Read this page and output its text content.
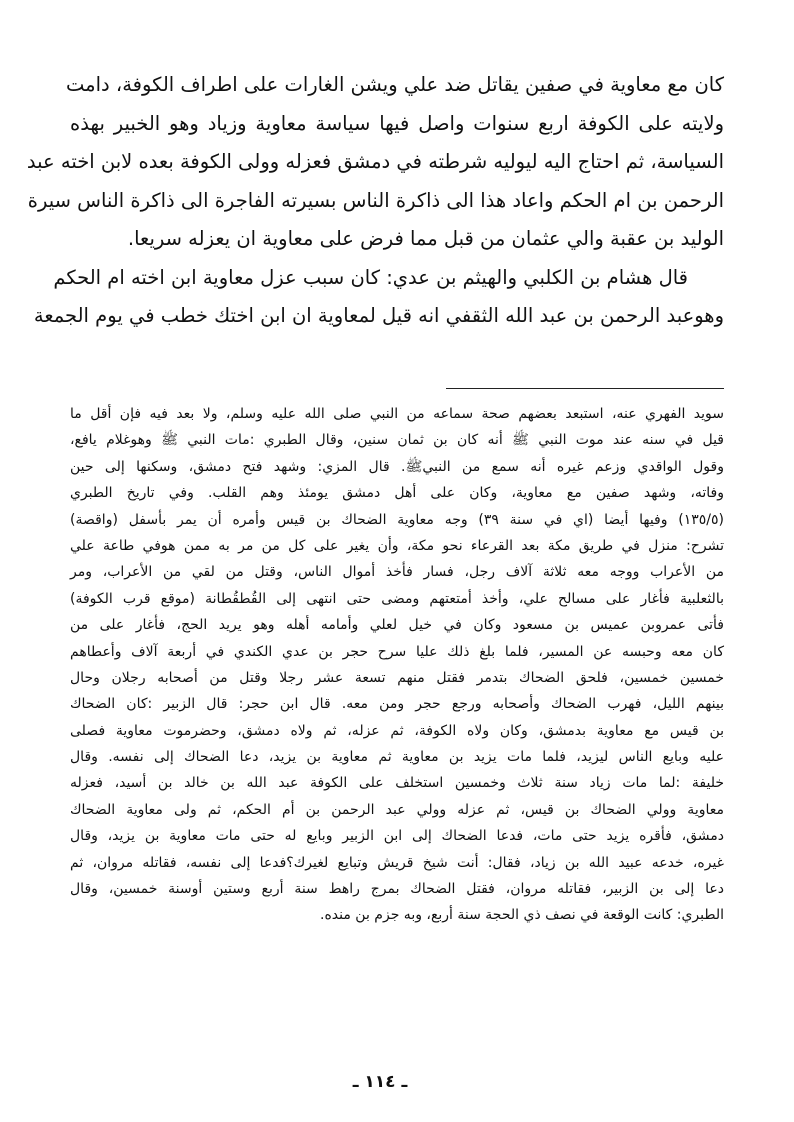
كان مع معاوية في صفين يقاتل ضد علي ويشن الغارات على اطراف الكوفة، دامت
ولايته على الكوفة اربع سنوات واصل فيها سياسة معاوية وزياد وهو الخبير بهذه
السياسة، ثم احتاج اليه ليوليه شرطته في دمشق فعزله وولى الكوفة بعده لابن اخته عبد
الرحمن بن ام الحكم واعاد هذا الى ذاكرة الناس بسيرته الفاجرة الى ذاكرة الناس سيرة
الوليد بن عقبة والي عثمان من قبل مما فرض على معاوية ان يعزله سريعا.
قال هشام بن الكلبي والهيثم بن عدي: كان سبب عزل معاوية ابن اخته ام الحكم
وهوعبد الرحمن بن عبد الله الثقفي انه قيل لمعاوية ان ابن اختك خطب في يوم الجمعة
سويد الفهري عنه، استبعد بعضهم صحة سماعه من النبي صلى الله عليه وسلم، ولا بعد فيه فإن أقل ما
قيل في سنه عند موت النبي ﷺ أنه كان بن ثمان سنين، وقال الطبري :مات النبي ﷺ وهوغلام يافع،
وقول الواقدي وزعم غيره أنه سمع من النبيﷺ. قال المزي: وشهد فتح دمشق، وسكنها إلى حين
وفاته، وشهد صفين مع معاوية، وكان على أهل دمشق يومئذ وهم القلب. وفي تاريخ الطبري
(١٣٥/٥) وفيها أيضا (اي في سنة ٣٩) وجه معاوية الضحاك بن قيس وأمره أن يمر بأسفل (واقصة)
تشرح: منزل في طريق مكة بعد القرعاء نحو مكة، وأن يغير على كل من مر به ممن هوفي طاعة علي
من الأعراب ووجه معه ثلاثة آلاف رجل، فسار فأخذ أموال الناس، وقتل من لقي من الأعراب، ومر
بالثعلبية فأغار على مسالح علي، وأخذ أمتعتهم ومضى حتى انتهى إلى القُطقُطانة (موقع قرب الكوفة)
فأتى عمروبن عميس بن مسعود وكان في خيل لعلي وأمامه أهله وهو يريد الحج، فأغار على من
كان معه وحبسه عن المسير، فلما بلغ ذلك عليا سرح حجر بن عدي الكندي في أربعة آلاف وأعطاهم
خمسين خمسين، فلحق الضحاك بتدمر فقتل منهم تسعة عشر رجلا وقتل من أصحابه رجلان وحال
بينهم الليل، فهرب الضحاك وأصحابه ورجع حجر ومن معه. قال ابن حجر: قال الزبير :كان الضحاك
بن قيس مع معاوية بدمشق، وكان ولاه الكوفة، ثم عزله، ثم ولاه دمشق، وحضرموت معاوية فصلى
عليه وبايع الناس ليزيد، فلما مات يزيد بن معاوية ثم معاوية بن يزيد، دعا الضحاك إلى نفسه. وقال
خليفة :لما مات زياد سنة ثلاث وخمسين استخلف على الكوفة عبد الله بن خالد بن أسيد، فعزله
معاوية وولي الضحاك بن قيس، ثم عزله وولي عبد الرحمن بن أم الحكم، ثم ولى معاوية الضحاك
دمشق، فأقره يزيد حتى مات، فدعا الضحاك إلى ابن الزبير وبايع له حتى مات معاوية بن يزيد، وقال
غيره، خدعه عبيد الله بن زياد، فقال: أنت شيخ قريش وتبايع لغيرك؟فدعا إلى نفسه، فقاتله مروان، ثم
دعا إلى بن الزبير، فقاتله مروان، فقتل الضحاك بمرج راهط سنة أربع وستين أوسنة خمسين، وقال
الطبري: كانت الوقعة في نصف ذي الحجة سنة أربع، وبه جزم بن منده.
ـ ١١٤ ـ
